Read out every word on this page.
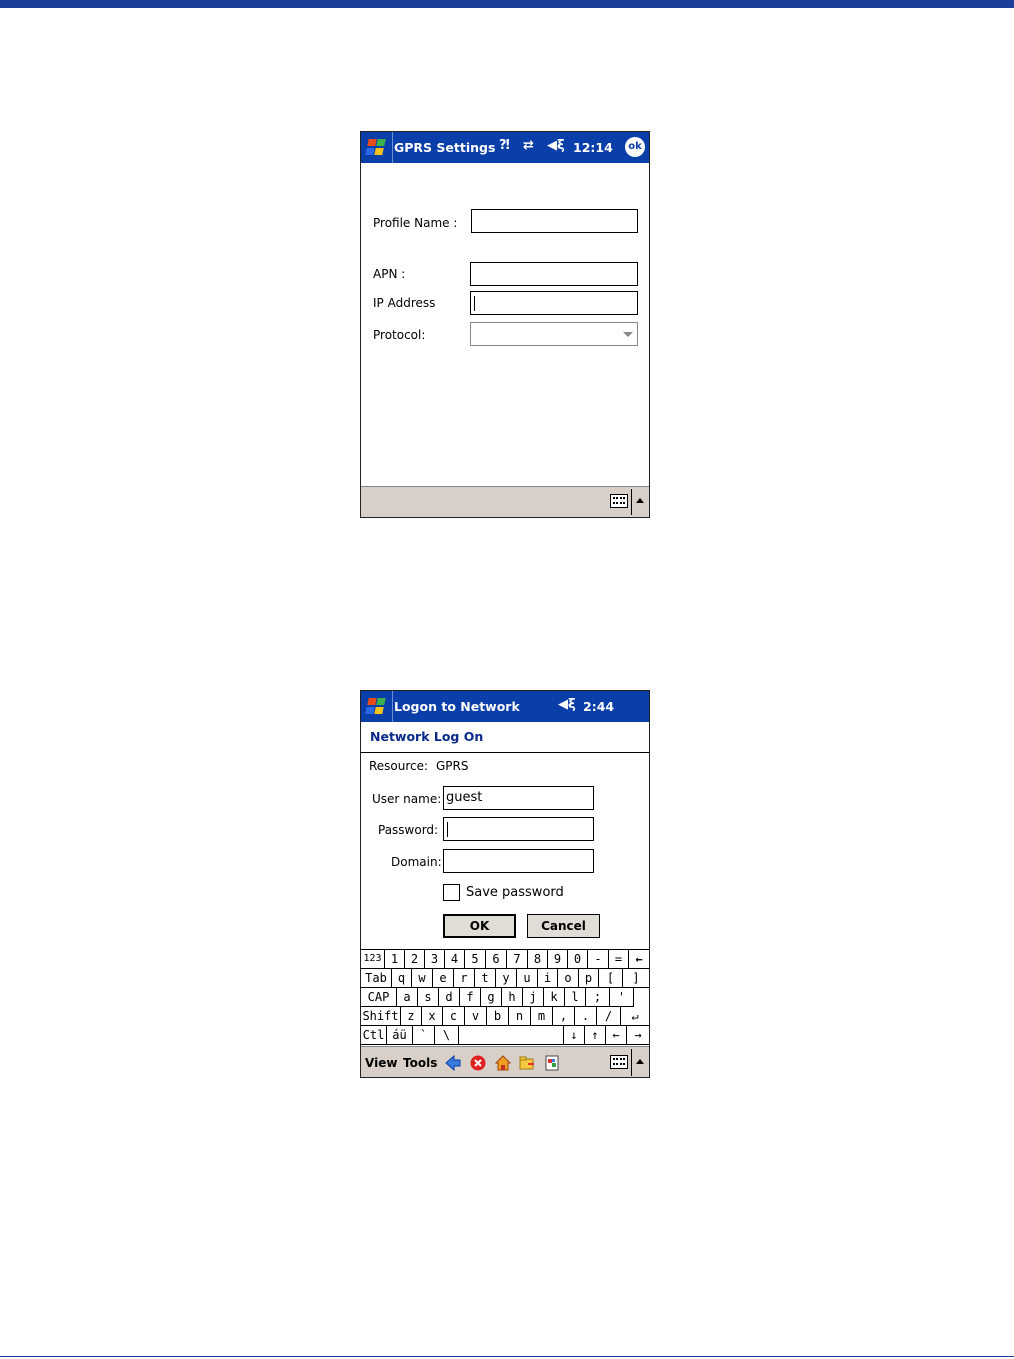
GPRS Settings ⁈ ⇄ ◀ξ 12:14	ok
Profile Name :
APN :
IP Address
Protocol:
Logon to Network	◀ξ 2:44
Network Log On
Resource: GPRS
User name: guest
Password:
Domain:
Save password
OK	Cancel
123 1	2	3	4	5	6	7	8	9	0	-	=	←
Tab q	w	e	r	t	y	u	i	o	p	[	]
CAP	a	s	d	f	g	h	j	k	l	;	'
Shift z	x	c	v	b	n	m	,	.	/	↵
Ctl áü	`	\	↓	↑	←	→
View Tools
